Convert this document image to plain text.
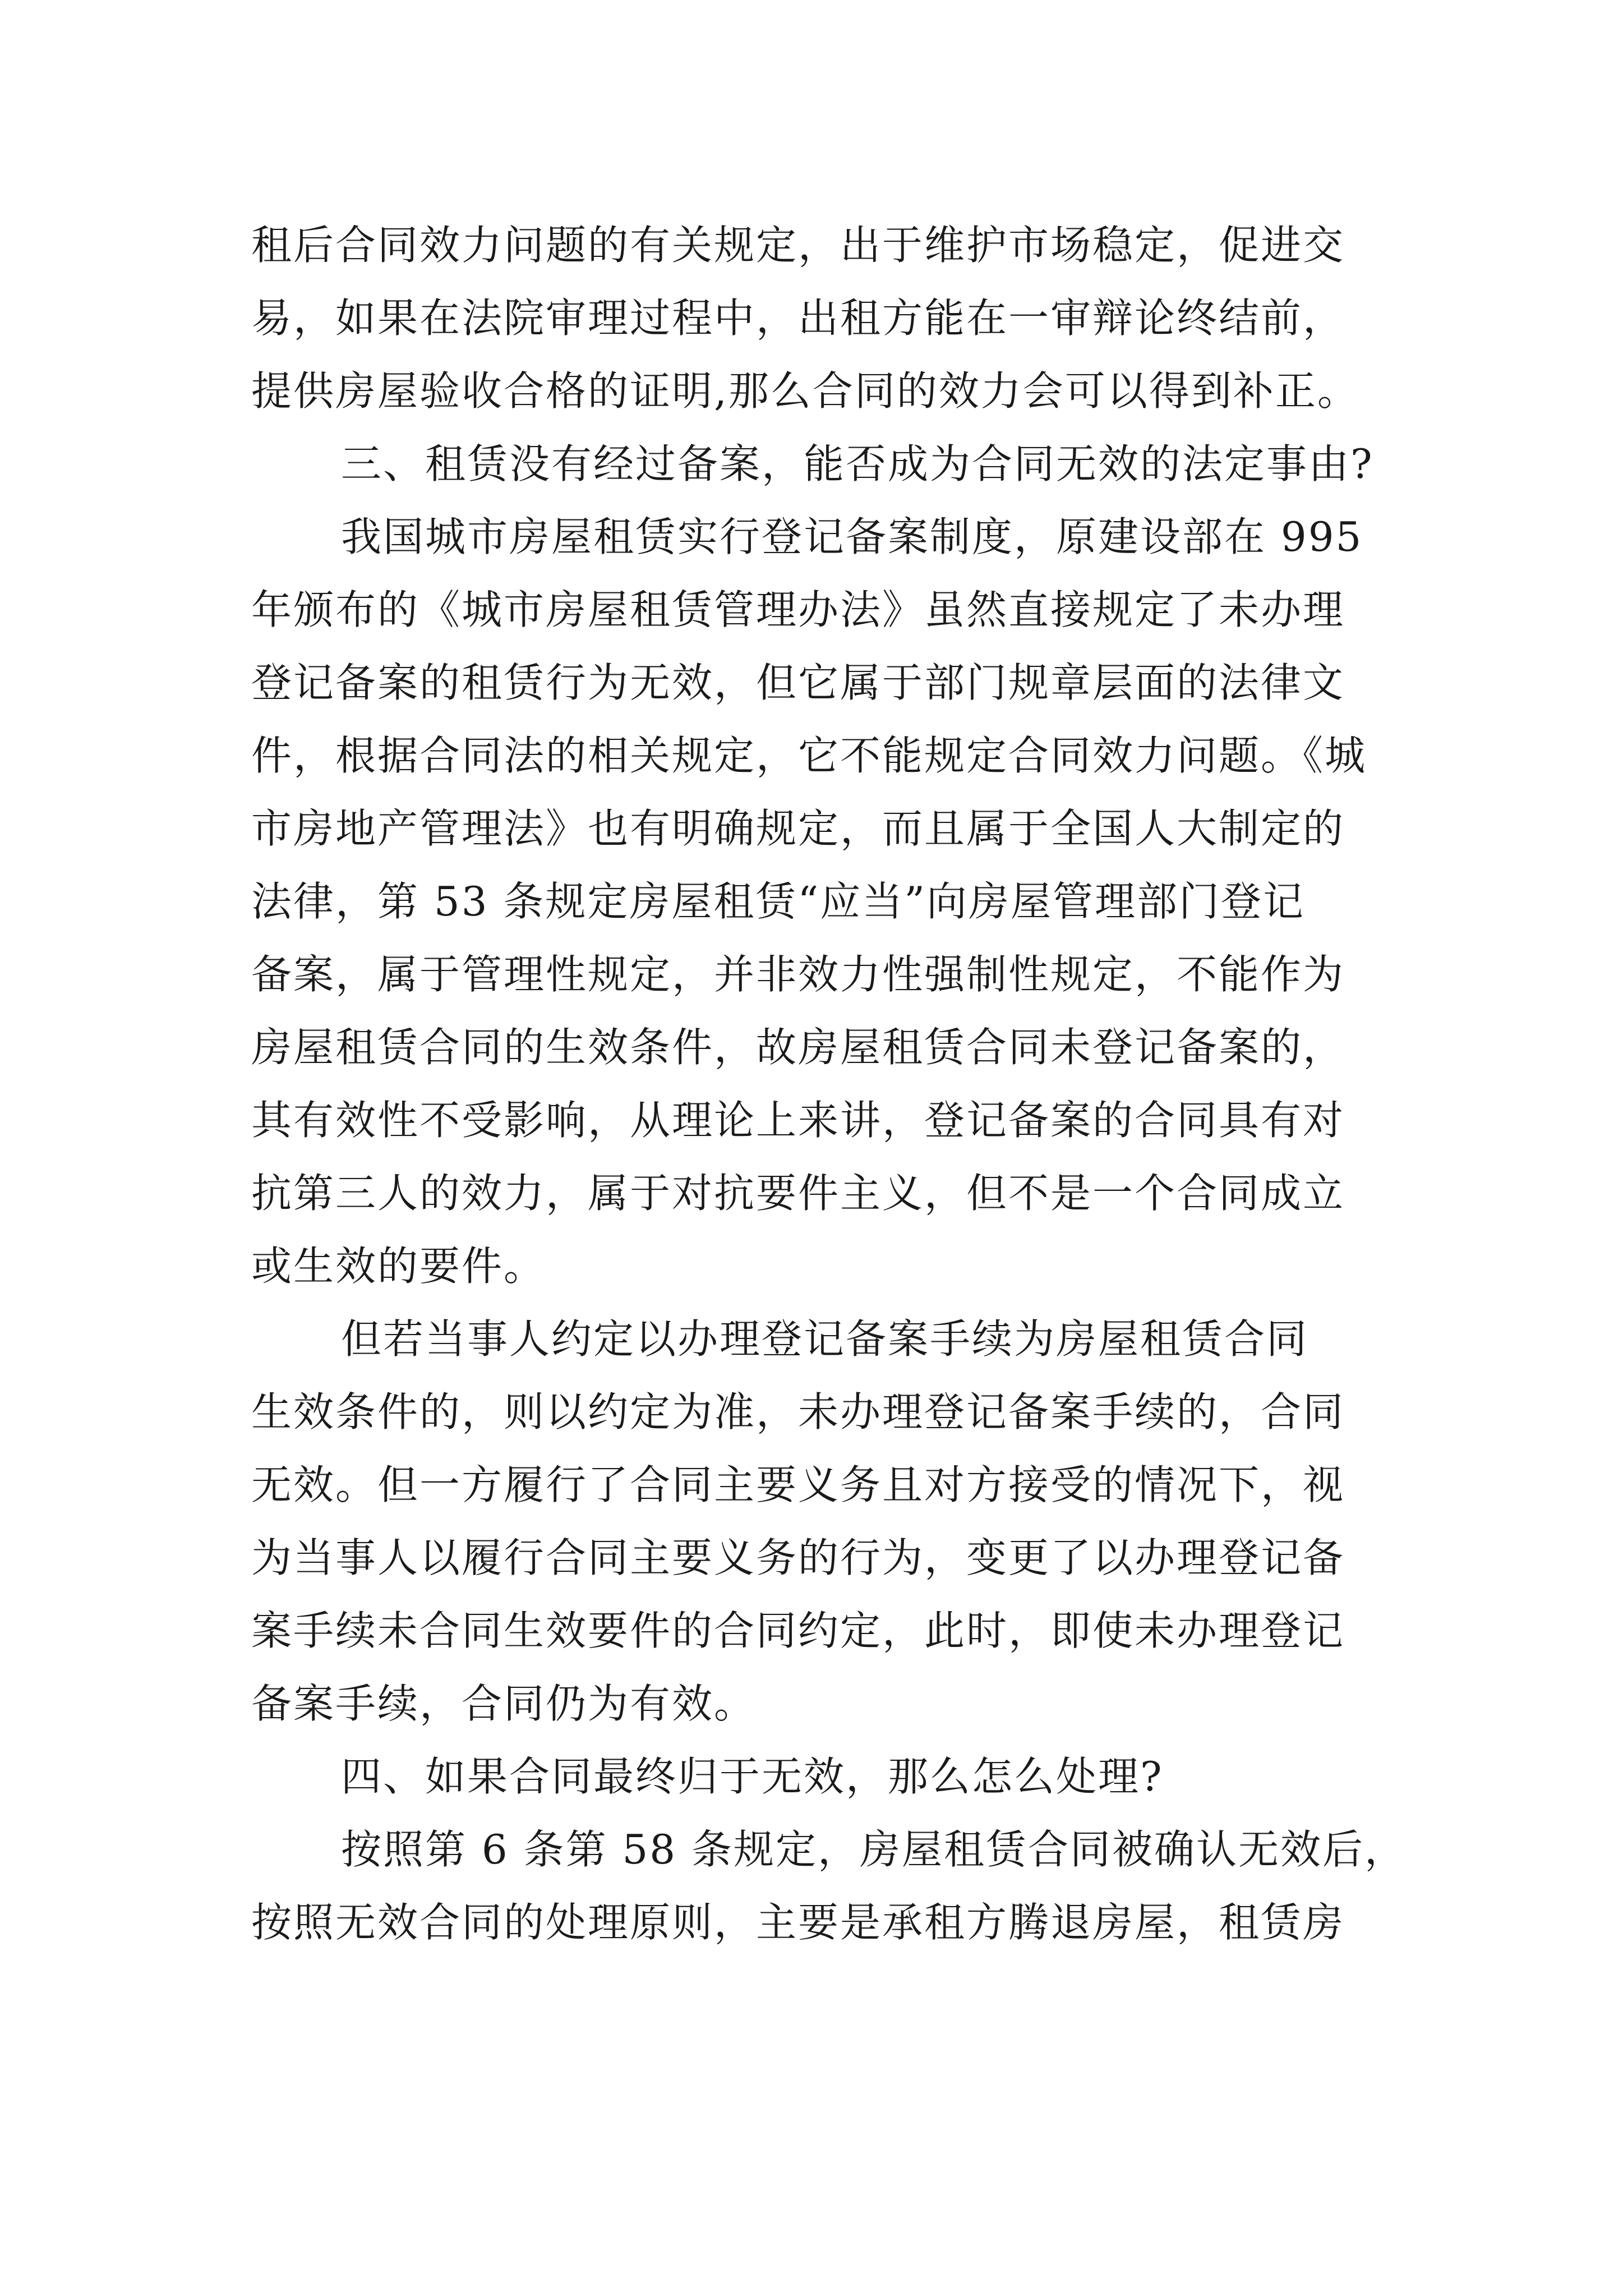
租后合同效力问题的有关规定，出于维护市场稳定，促进交
易，如果在法院审理过程中，出租方能在一审辩论终结前，
提供房屋验收合格的证明,那么合同的效力会可以得到补正。
三、租赁没有经过备案，能否成为合同无效的法定事由?
我国城市房屋租赁实行登记备案制度，原建设部在 995
年颁布的《城市房屋租赁管理办法》虽然直接规定了未办理
登记备案的租赁行为无效，但它属于部门规章层面的法律文
件，根据合同法的相关规定，它不能规定合同效力问题。《城
市房地产管理法》也有明确规定，而且属于全国人大制定的
法律，第 53 条规定房屋租赁“应当”向房屋管理部门登记
备案，属于管理性规定，并非效力性强制性规定，不能作为
房屋租赁合同的生效条件，故房屋租赁合同未登记备案的，
其有效性不受影响，从理论上来讲，登记备案的合同具有对
抗第三人的效力，属于对抗要件主义，但不是一个合同成立
或生效的要件。
但若当事人约定以办理登记备案手续为房屋租赁合同
生效条件的，则以约定为准，未办理登记备案手续的，合同
无效。但一方履行了合同主要义务且对方接受的情况下，视
为当事人以履行合同主要义务的行为，变更了以办理登记备
案手续未合同生效要件的合同约定，此时，即使未办理登记
备案手续，合同仍为有效。
四、如果合同最终归于无效，那么怎么处理?
按照第 6 条第 58 条规定，房屋租赁合同被确认无效后，
按照无效合同的处理原则，主要是承租方腾退房屋，租赁房
